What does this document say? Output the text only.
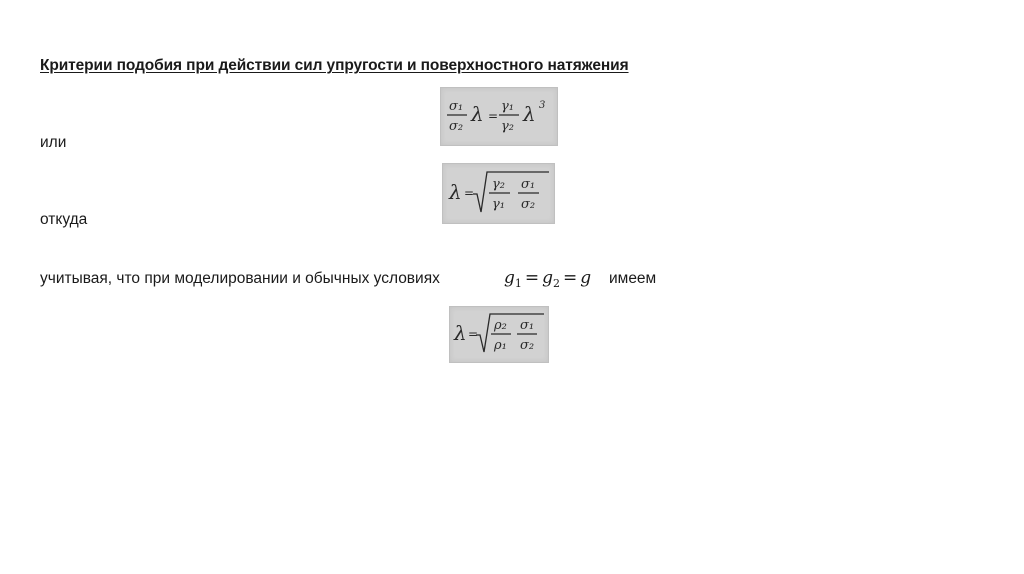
Критерии подобия при действии сил упругости и поверхностного натяжения
σ₁
σ₂
λ =
γ₁
γ₂
λ 3
или
λ =
γ₂
γ₁
σ₁
σ₂
откуда
учитывая, что при моделировании и обычных условиях	$g_1 = g_2 = g$ имеем
λ =
ρ₂
ρ₁
σ₁
σ₂
